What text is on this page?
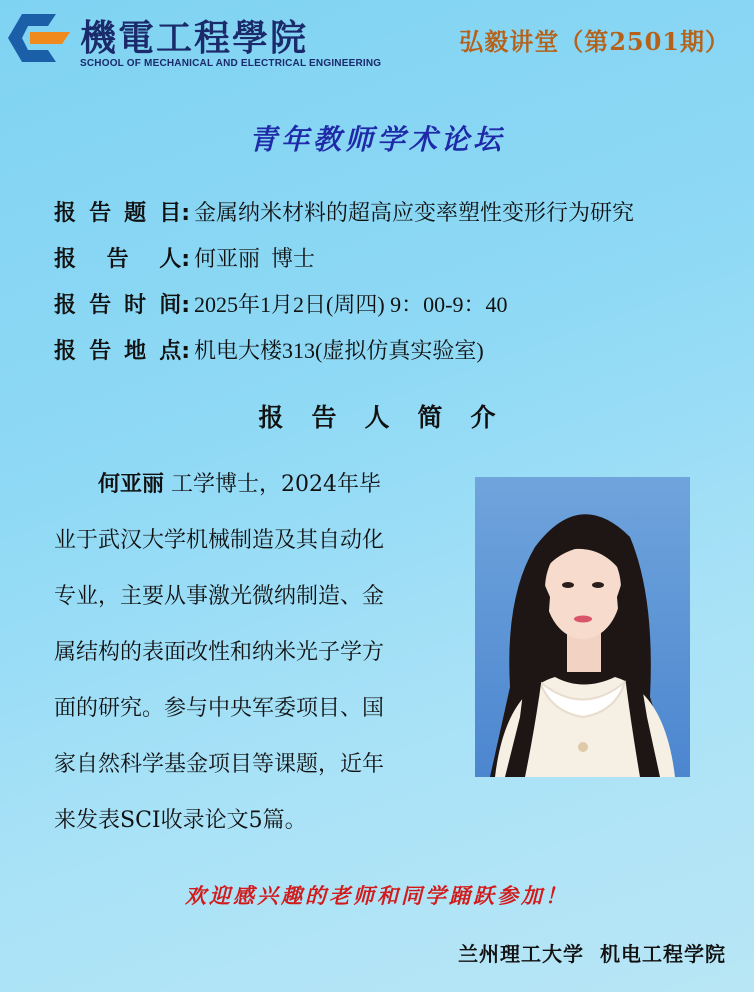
機電工程學院
SCHOOL OF MECHANICAL AND ELECTRICAL ENGINEERING
弘毅讲堂（第2501期）
青年教师学术论坛
报 告 题 目: 金属纳米材料的超高应变率塑性变形行为研究
报 告 人: 何亚丽  博士
报 告 时 间: 2025年1月2日(周四) 9：00-9：40
报 告 地 点: 机电大楼313(虚拟仿真实验室)
报告人简介
何亚丽 工学博士，2024年毕
业于武汉大学机械制造及其自动化
专业，主要从事激光微纳制造、金
属结构的表面改性和纳米光子学方
面的研究。参与中央军委项目、国
家自然科学基金项目等课题，近年
来发表SCI收录论文5篇。
欢迎感兴趣的老师和同学踊跃参加！
兰州理工大学  机电工程学院
